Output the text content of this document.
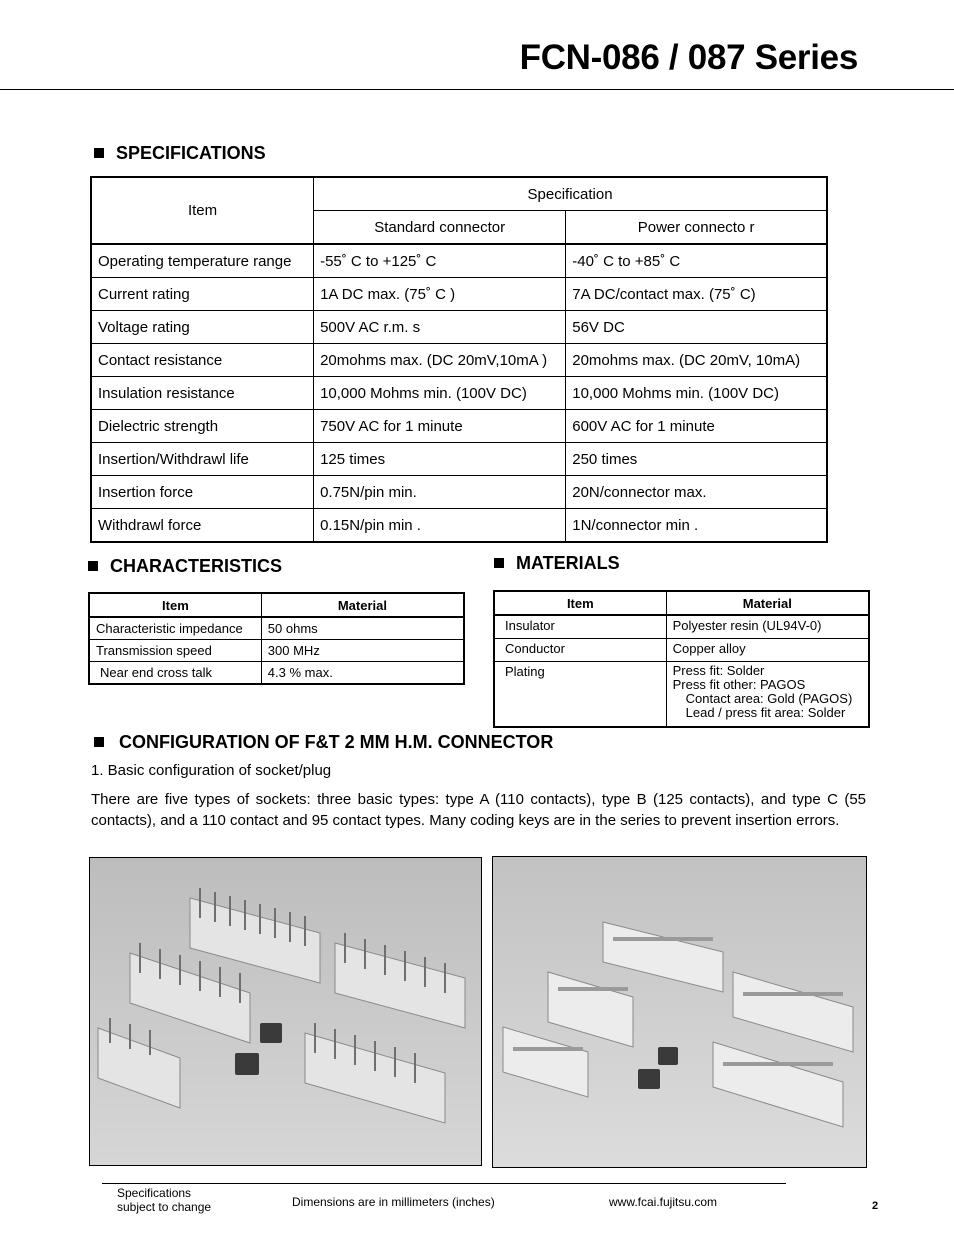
FCN-086 / 087 Series
SPECIFICATIONS
Item	Specification	
	Standard connector	Power connecto r
Operating temperature range	-55˚ C to +125˚ C	-40˚ C to +85˚ C
Current rating	1A DC max. (75˚ C )	7A DC/contact max. (75˚ C)
Voltage rating	500V AC r.m. s	56V DC
Contact resistance	20mohms max. (DC 20mV,10mA )	20mohms max. (DC 20mV, 10mA)
Insulation resistance	10,000 Mohms min. (100V DC)	10,000 Mohms min. (100V DC)
Dielectric strength	750V AC for 1 minute	600V AC for 1 minute
Insertion/Withdrawl life	125 times	250 times
Insertion force	0.75N/pin min.	20N/connector max.
Withdrawl force	0.15N/pin min .	1N/connector min .
CHARACTERISTICS
Item	Material
Characteristic impedance	50 ohms
Transmission speed	300 MHz
Near end cross talk	4.3 % max.
MATERIALS
Item	Material
Insulator	Polyester resin (UL94V-0)
Conductor	Copper alloy
Plating	Press fit: Solder
Press fit other: PAGOS
Contact area: Gold (PAGOS)
Lead / press fit area: Solder
CONFIGURATION OF F&T 2 MM H.M. CONNECTOR
1. Basic configuration of socket/plug
There are five types of sockets: three basic types: type A (110 contacts), type B (125 contacts), and type C (55 contacts), and a 110 contact and 95 contact types. Many coding keys are in the series to prevent insertion errors.
Specifications
subject to change	Dimensions are in millimeters (inches)	www.fcai.fujitsu.com	2
